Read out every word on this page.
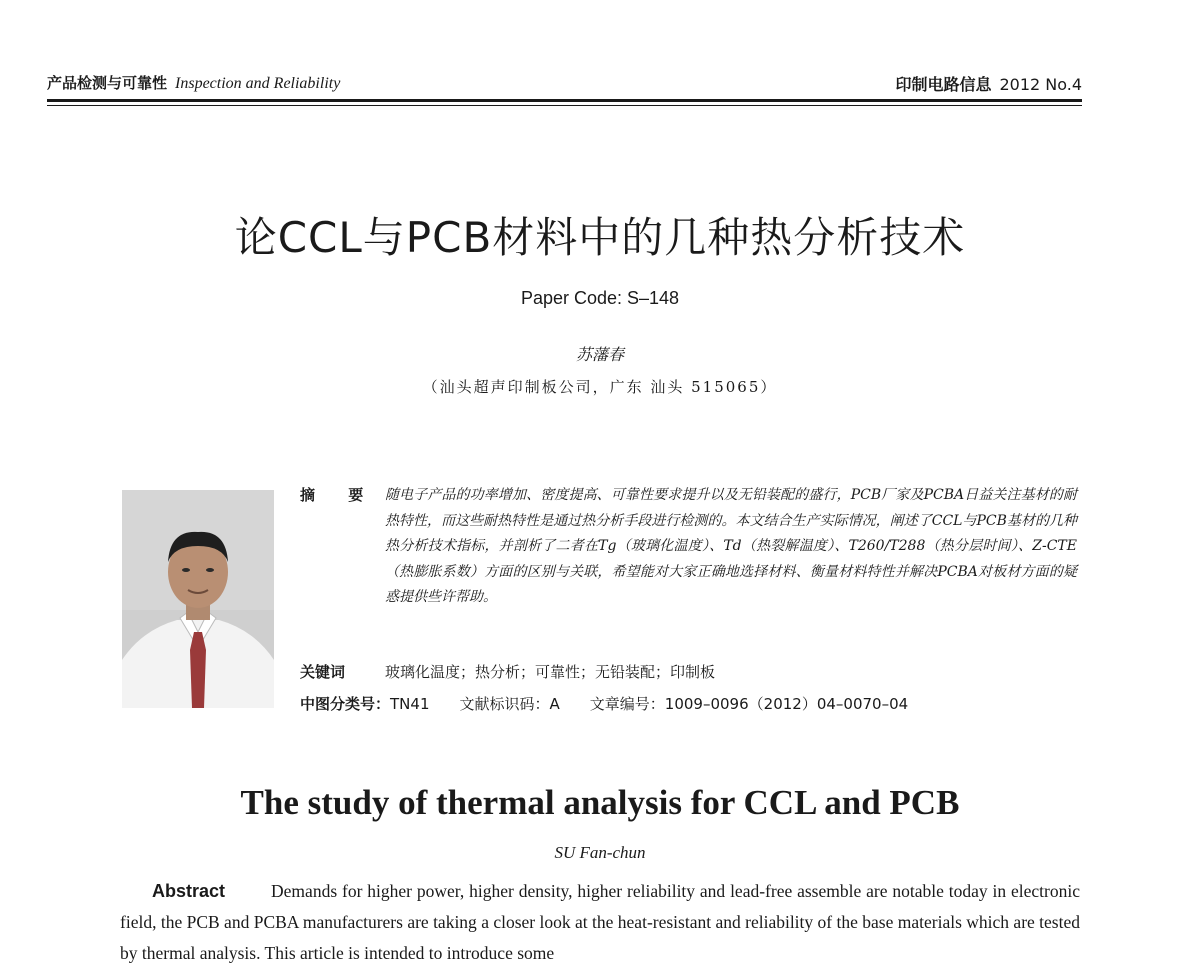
产品检测与可靠性 Inspection and Reliability	印制电路信息 2012 No.4
论CCL与PCB材料中的几种热分析技术
Paper Code: S–148
苏藩春
（汕头超声印制板公司，广东 汕头 515065）
摘 要 随电子产品的功率增加、密度提高、可靠性要求提升以及无铅装配的盛行，PCB厂家及PCBA日益关注基材的耐热特性，而这些耐热特性是通过热分析手段进行检测的。本文结合生产实际情况，阐述了CCL与PCB基材的几种热分析技术指标，并剖析了二者在Tg（玻璃化温度）、Td（热裂解温度）、T260/T288（热分层时间）、Z-CTE（热膨胀系数）方面的区别与关联，希望能对大家正确地选择材料、衡量材料特性并解决PCBA对板材方面的疑惑提供些许帮助。
关键词	玻璃化温度；热分析；可靠性；无铅装配；印制板
中图分类号：TN41 文献标识码：A 文章编号：1009–0096（2012）04–0070–04
The study of thermal analysis for CCL and PCB
SU Fan-chun
Abstract	Demands for higher power, higher density, higher reliability and lead-free assemble are notable today in electronic field, the PCB and PCBA manufacturers are taking a closer look at the heat-resistant and reliability of the base materials which are tested by thermal analysis. This article is intended to introduce some
